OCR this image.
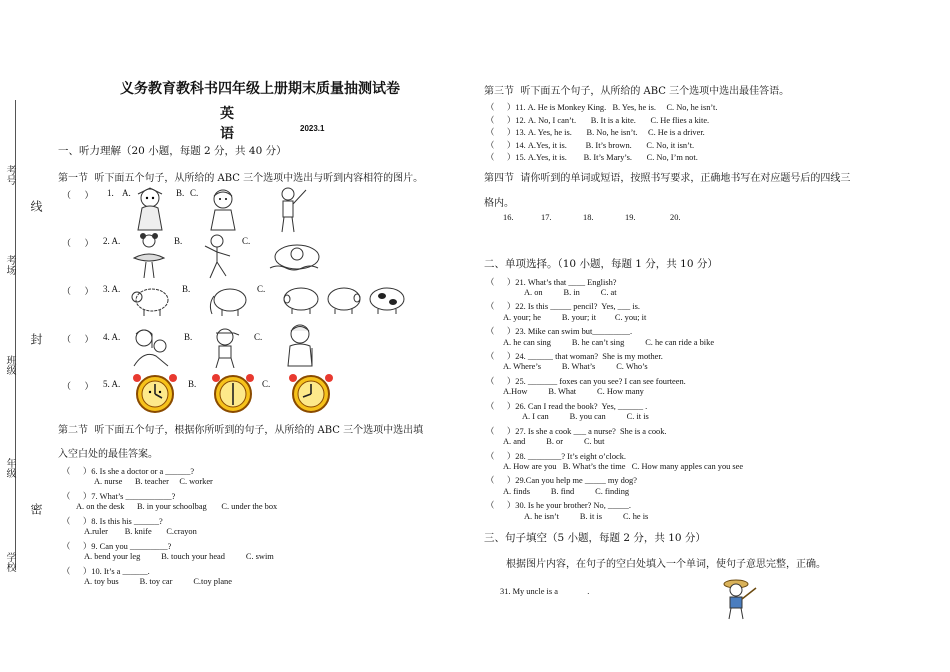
考号
线
考场
封
班级
年级
密
学校
义务教育教科书四年级上册期末质量抽测试卷
英语	2023.1
一、听力理解（20 小题，每题 2 分，共 40 分）
第一节  听下面五个句子，从所给的 ABC 三个选项中选出与听到内容相符的图片。
（      ） 1. A.	B. C.
（      ） 2. A.	B.	C.
（      ） 3. A.	B.	C.
（      ） 4. A.	B.	C.
（      ） 5. A.	B.	C.
第二节  听下面五个句子，根据你所听到的句子，从所给的 ABC 三个选项中选出填
入空白处的最佳答案。
（      ）6. Is she a doctor or a ______?
A. nurse      B. teacher     C. worker
（      ）7. What’s ___________?
A. on the desk      B. in your schoolbag       C. under the box
（      ）8. Is this his ______?
A.ruler        B. knife       C.crayon
（      ）9. Can you _________?
A. bend your leg          B. touch your head          C. swim
（      ）10. It’s a ______.
A. toy bus          B. toy car          C.toy plane
第三节  听下面五个句子，从所给的 ABC 三个选项中选出最佳答语。
（      ）11. A. He is Monkey King.   B. Yes, he is.     C. No, he isn’t.
（      ）12. A. No, I can’t.       B. It is a kite.       C. He flies a kite.
（      ）13. A. Yes, he is.       B. No, he isn’t.     C. He is a driver.
（      ）14. A.Yes, it is.         B. It’s brown.       C. No, it isn’t.
（      ）15. A.Yes, it is.        B. It’s Mary’s.       C. No, I’m not.
第四节  请你听到的单词或短语，按照书写要求，正确地书写在对应题号后的四线三
格内。
16.	17.	18.	19.	20.
二、单项选择。（10 小题，每题 1 分，共 10 分）
（      ）21. What’s that ____ English?
A. on          B. in          C. at
（      ）22. Is this _____ pencil?  Yes, ___ is.
A. your; he          B. your; it         C. you; it
（      ）23. Mike can swim but_________.
A. he can sing          B. he can’t sing          C. he can ride a bike
（      ）24. ______ that woman?  She is my mother.
A. Where’s          B. What’s          C. Who’s
（      ）25. _______ foxes can you see? I can see fourteen.
A.How          B. What          C. How many
（      ）26. Can I read the book?  Yes, ______ .
A. I can          B. you can          C. it is
（      ）27. Is she a cook ___ a nurse?  She is a cook.
A. and          B. or          C. but
（      ）28. ________? It’s eight o’clock.
A. How are you   B. What’s the time   C. How many apples can you see
（      ）29.Can you help me _____ my dog?
A. finds          B. find          C. finding
（      ）30. Is he your brother? No, _____.
A. he isn’t          B. it is          C. he is
三、句子填空（5 小题，每题 2 分，共 10 分）
根据图片内容，在句子的空白处填入一个单词，使句子意思完整，正确。
31. My uncle is a              .
